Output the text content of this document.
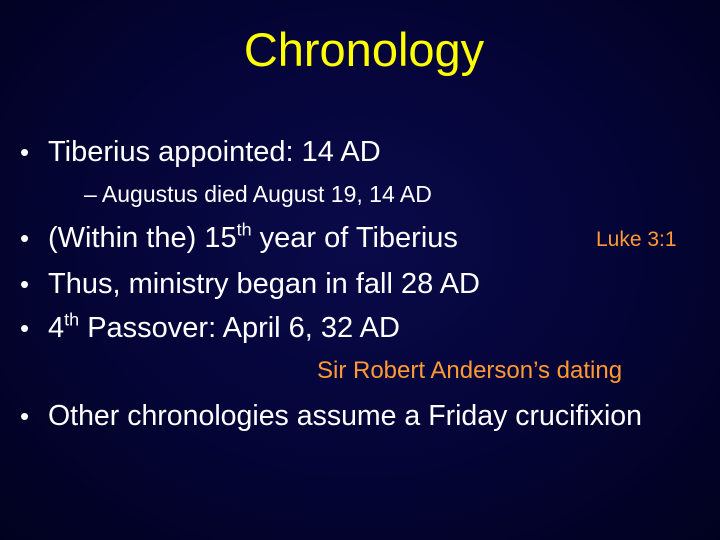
Chronology
• Tiberius appointed: 14 AD
– Augustus died August 19, 14 AD
• (Within the) 15th year of Tiberius	Luke 3:1
• Thus, ministry began in fall 28 AD
• 4th Passover: April 6, 32 AD
Sir Robert Anderson’s dating
• Other chronologies assume a Friday crucifixion
